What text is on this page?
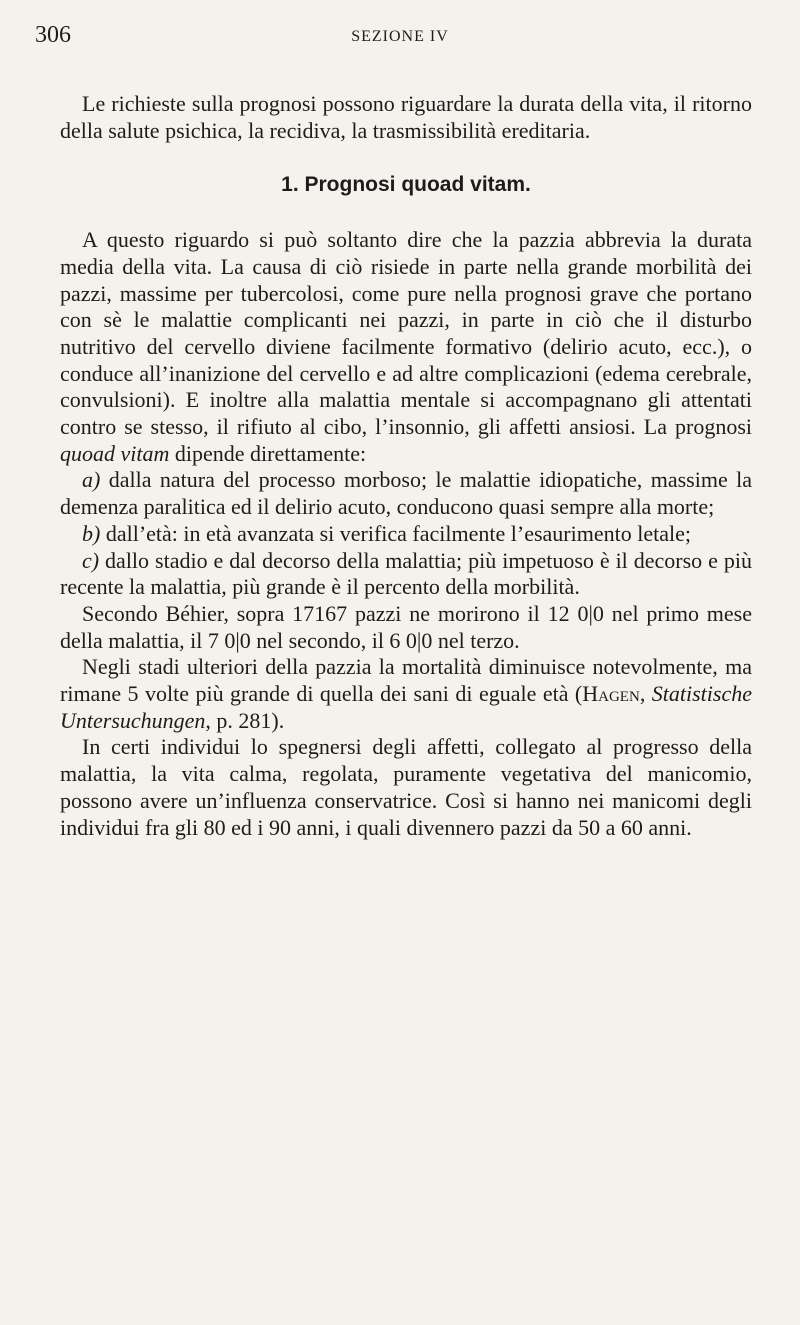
306	SEZIONE IV

Le richieste sulla prognosi possono riguardare la durata della vita, il ritorno della salute psichica, la recidiva, la trasmissibilità ereditaria.

1. Prognosi quoad vitam.

A questo riguardo si può soltanto dire che la pazzia abbrevia la durata media della vita. La causa di ciò risiede in parte nella grande morbilità dei pazzi, massime per tubercolosi, come pure nella prognosi grave che portano con sè le malattie complicanti nei pazzi, in parte in ciò che il disturbo nutritivo del cervello diviene facilmente formativo (delirio acuto, ecc.), o conduce all’inanizione del cervello e ad altre complicazioni (edema cerebrale, convulsioni). E inoltre alla malattia mentale si accompagnano gli attentati contro se stesso, il rifiuto al cibo, l’insonnio, gli affetti ansiosi. La prognosi quoad vitam dipende direttamente:

a) dalla natura del processo morboso; le malattie idiopatiche, massime la demenza paralitica ed il delirio acuto, conducono quasi sempre alla morte;

b) dall’età: in età avanzata si verifica facilmente l’esaurimento letale;

c) dallo stadio e dal decorso della malattia; più impetuoso è il decorso e più recente la malattia, più grande è il percento della morbilità.

Secondo Béhier, sopra 17167 pazzi ne morirono il 12 0|0 nel primo mese della malattia, il 7 0|0 nel secondo, il 6 0|0 nel terzo.

Negli stadi ulteriori della pazzia la mortalità diminuisce notevolmente, ma rimane 5 volte più grande di quella dei sani di eguale età (Hagen, Statistische Untersuchungen, p. 281).

In certi individui lo spegnersi degli affetti, collegato al progresso della malattia, la vita calma, regolata, puramente vegetativa del manicomio, possono avere un’influenza conservatrice. Così si hanno nei manicomi degli individui fra gli 80 ed i 90 anni, i quali divennero pazzi da 50 a 60 anni.
